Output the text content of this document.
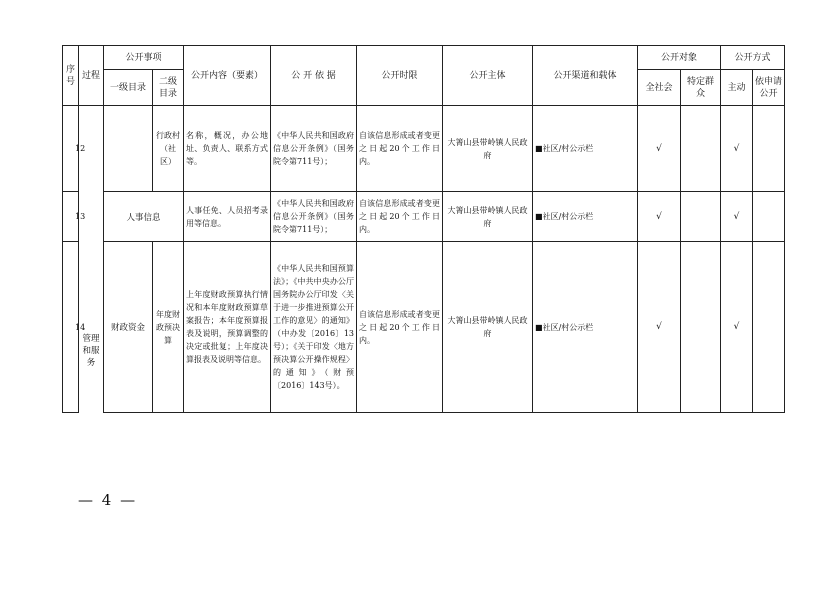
序号	过程	公开事项		公开内容（要素）	公 开 依 据	公开时限	公开主体	公开渠道和载体	公开对象		公开方式	
		一级目录	二级目录						全社会	特定群众	主动	依申请公开
12	管理和服务		行政村（社区）	名称，概况，办公地址、负责人、联系方式等。	《中华人民共和国政府信息公开条例》（国务院令第711号）；	自该信息形成或者变更之日起20个工作日内。	大箐山县带岭镇人民政府	■社区/村公示栏	√		√	
13		人事信息		人事任免、人员招考录用等信息。	《中华人民共和国政府信息公开条例》（国务院令第711号）；	自该信息形成或者变更之日起20个工作日内。	大箐山县带岭镇人民政府	■社区/村公示栏	√		√	
14		财政资金	年度财政预决算	上年度财政预算执行情况和本年度财政预算草案报告；本年度预算报表及说明，预算调整的决定或批复；上年度决算报表及说明等信息。	《中华人民共和国预算法》；《中共中央办公厅国务院办公厅印发〈关于进一步推进预算公开工作的意见〉的通知》（中办发〔2016〕13号）；《关于印发〈地方预决算公开操作规程〉的通知》（财预〔2016〕143号）。	自该信息形成或者变更之日起20个工作日内。	大箐山县带岭镇人民政府	■社区/村公示栏	√		√	
— 4 —
